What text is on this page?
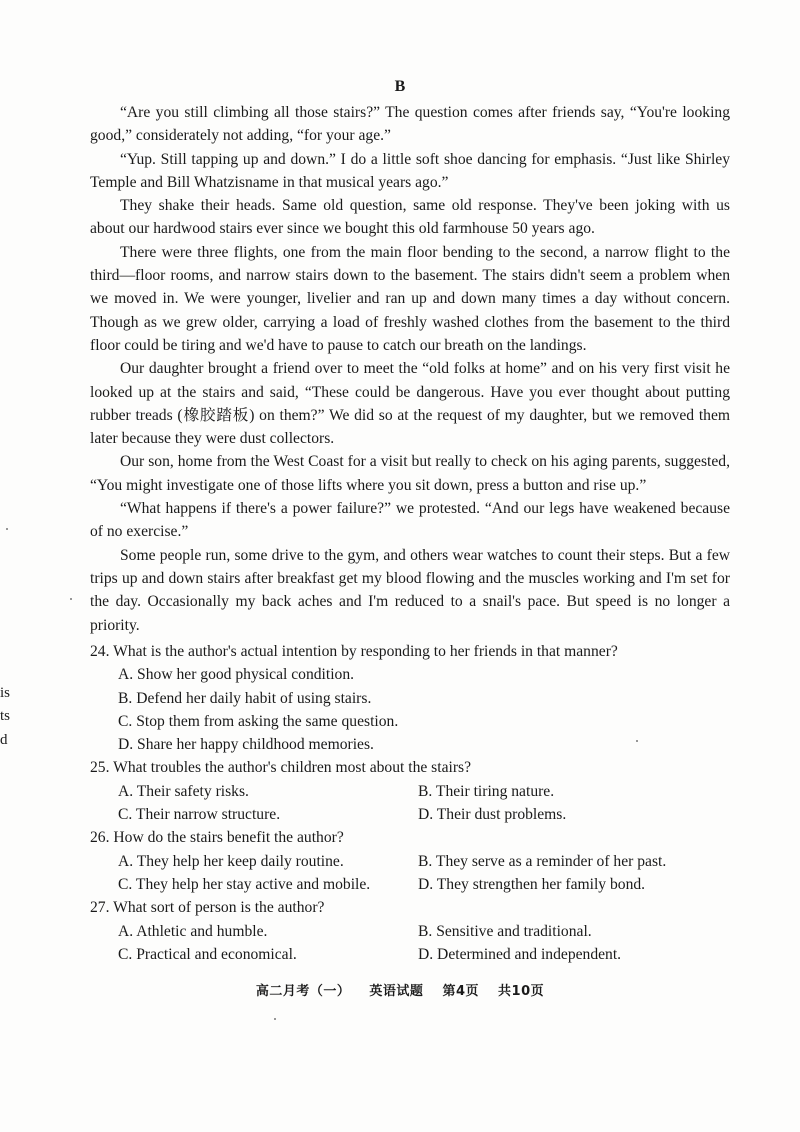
B

“Are you still climbing all those stairs?” The question comes after friends say, “You're looking good,” considerately not adding, “for your age.”

“Yup. Still tapping up and down.” I do a little soft shoe dancing for emphasis. “Just like Shirley Temple and Bill Whatzisname in that musical years ago.”

They shake their heads. Same old question, same old response. They've been joking with us about our hardwood stairs ever since we bought this old farmhouse 50 years ago.

There were three flights, one from the main floor bending to the second, a narrow flight to the third—floor rooms, and narrow stairs down to the basement. The stairs didn't seem a problem when we moved in. We were younger, livelier and ran up and down many times a day without concern. Though as we grew older, carrying a load of freshly washed clothes from the basement to the third floor could be tiring and we'd have to pause to catch our breath on the landings.

Our daughter brought a friend over to meet the “old folks at home” and on his very first visit he looked up at the stairs and said, “These could be dangerous. Have you ever thought about putting rubber treads (橡胶踏板) on them?” We did so at the request of my daughter, but we removed them later because they were dust collectors.

Our son, home from the West Coast for a visit but really to check on his aging parents, suggested, “You might investigate one of those lifts where you sit down, press a button and rise up.”

“What happens if there's a power failure?” we protested. “And our legs have weakened because of no exercise.”

Some people run, some drive to the gym, and others wear watches to count their steps. But a few trips up and down stairs after breakfast get my blood flowing and the muscles working and I'm set for the day. Occasionally my back aches and I'm reduced to a snail's pace. But speed is no longer a priority.

24. What is the author's actual intention by responding to her friends in that manner?

A. Show her good physical condition.

B. Defend her daily habit of using stairs.

C. Stop them from asking the same question.

D. Share her happy childhood memories.

25. What troubles the author's children most about the stairs?

A. Their safety risks.	B. Their tiring nature.

C. Their narrow structure.	D. Their dust problems.

26. How do the stairs benefit the author?

A. They help her keep daily routine.	B. They serve as a reminder of her past.

C. They help her stay active and mobile.	D. They strengthen her family bond.

27. What sort of person is the author?

A. Athletic and humble.	B. Sensitive and traditional.

C. Practical and economical.	D. Determined and independent.

is
ts
d
高二月考（一） 英语试题 第4页 共10页
